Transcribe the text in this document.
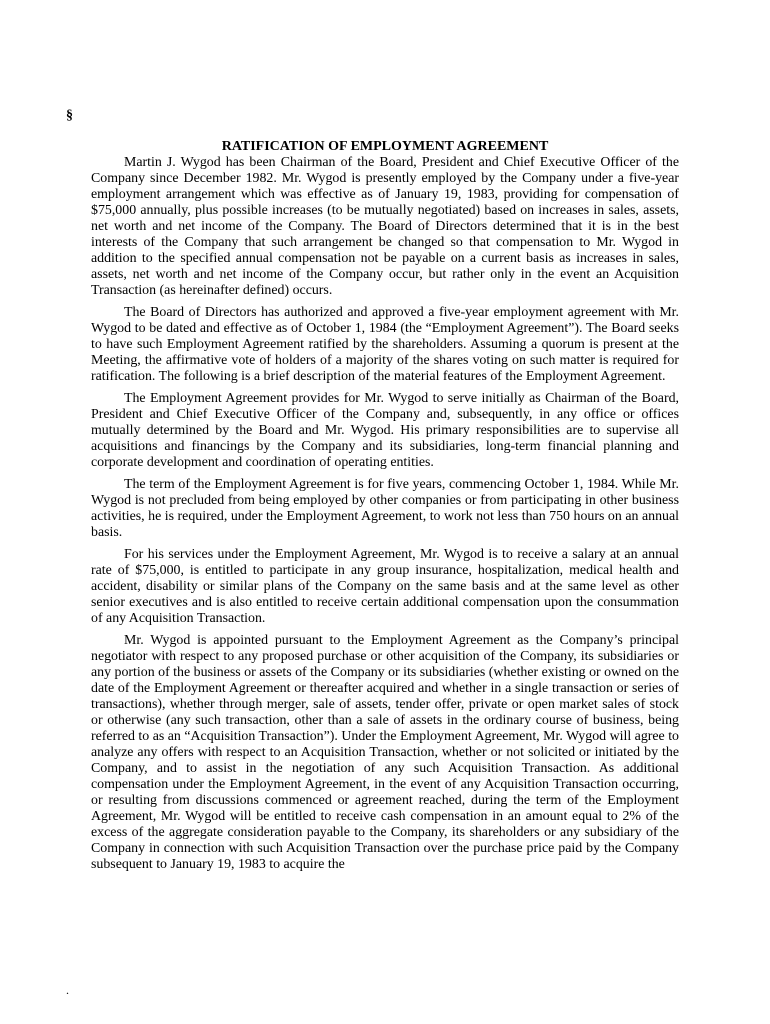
§
RATIFICATION OF EMPLOYMENT AGREEMENT

Martin J. Wygod has been Chairman of the Board, President and Chief Executive Officer of the Company since December 1982. Mr. Wygod is presently employed by the Company under a five-year employment arrangement which was effective as of January 19, 1983, providing for compensation of $75,000 annually, plus possible increases (to be mutually negotiated) based on increases in sales, assets, net worth and net income of the Company. The Board of Directors determined that it is in the best interests of the Company that such arrangement be changed so that compensation to Mr. Wygod in addition to the specified annual compensation not be payable on a current basis as increases in sales, assets, net worth and net income of the Company occur, but rather only in the event an Acquisition Transaction (as hereinafter defined) occurs.

The Board of Directors has authorized and approved a five-year employment agreement with Mr. Wygod to be dated and effective as of October 1, 1984 (the “Employment Agreement”). The Board seeks to have such Employment Agreement ratified by the shareholders. Assuming a quorum is present at the Meeting, the affirmative vote of holders of a majority of the shares voting on such matter is required for ratification. The following is a brief description of the material features of the Employment Agreement.

The Employment Agreement provides for Mr. Wygod to serve initially as Chairman of the Board, President and Chief Executive Officer of the Company and, subsequently, in any office or offices mutually determined by the Board and Mr. Wygod. His primary responsibilities are to supervise all acquisitions and financings by the Company and its subsidiaries, long-term financial planning and corporate development and coordination of operating entities.

The term of the Employment Agreement is for five years, commencing October 1, 1984. While Mr. Wygod is not precluded from being employed by other companies or from participating in other business activities, he is required, under the Employment Agreement, to work not less than 750 hours on an annual basis.

For his services under the Employment Agreement, Mr. Wygod is to receive a salary at an annual rate of $75,000, is entitled to participate in any group insurance, hospitalization, medical health and accident, disability or similar plans of the Company on the same basis and at the same level as other senior executives and is also entitled to receive certain additional compensation upon the consummation of any Acquisition Transaction.

Mr. Wygod is appointed pursuant to the Employment Agreement as the Company’s principal negotiator with respect to any proposed purchase or other acquisition of the Company, its subsidiaries or any portion of the business or assets of the Company or its subsidiaries (whether existing or owned on the date of the Employment Agreement or thereafter acquired and whether in a single transaction or series of transactions), whether through merger, sale of assets, tender offer, private or open market sales of stock or otherwise (any such transaction, other than a sale of assets in the ordinary course of business, being referred to as an “Acquisition Transaction”). Under the Employment Agreement, Mr. Wygod will agree to analyze any offers with respect to an Acquisition Transaction, whether or not solicited or initiated by the Company, and to assist in the negotiation of any such Acquisition Transaction. As additional compensation under the Employment Agreement, in the event of any Acquisition Transaction occurring, or resulting from discussions commenced or agreement reached, during the term of the Employment Agreement, Mr. Wygod will be entitled to receive cash compensation in an amount equal to 2% of the excess of the aggregate consideration payable to the Company, its shareholders or any subsidiary of the Company in connection with such Acquisition Transaction over the purchase price paid by the Company subsequent to January 19, 1983 to acquire the

.
